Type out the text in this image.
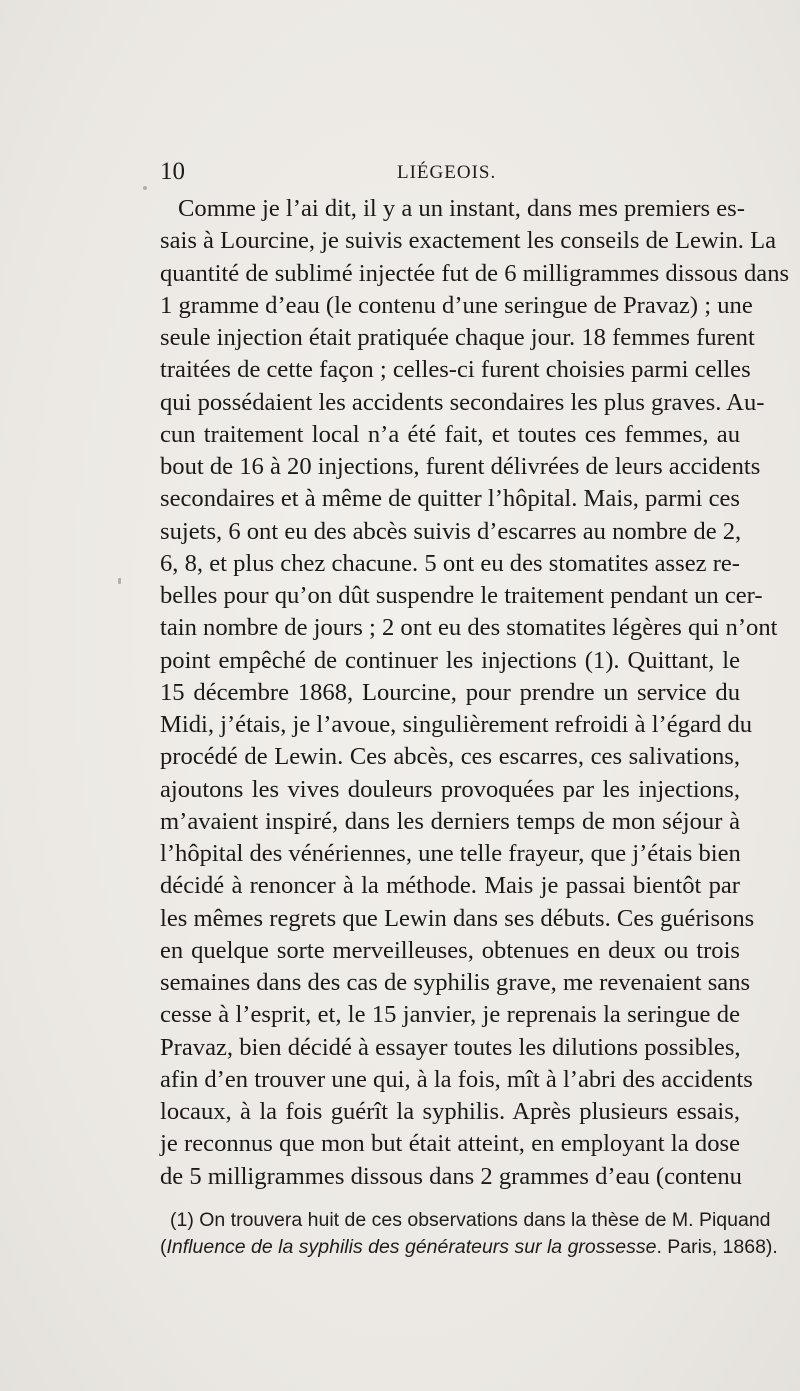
10	LIÉGEOIS.
Comme je l’ai dit, il y a un instant, dans mes premiers es-
sais à Lourcine, je suivis exactement les conseils de Lewin. La
quantité de sublimé injectée fut de 6 milligrammes dissous dans
1 gramme d’eau (le contenu d’une seringue de Pravaz) ; une
seule injection était pratiquée chaque jour. 18 femmes furent
traitées de cette façon ; celles-ci furent choisies parmi celles
qui possédaient les accidents secondaires les plus graves. Au-
cun traitement local n’a été fait, et toutes ces femmes, au
bout de 16 à 20 injections, furent délivrées de leurs accidents
secondaires et à même de quitter l’hôpital. Mais, parmi ces
sujets, 6 ont eu des abcès suivis d’escarres au nombre de 2,
6, 8, et plus chez chacune. 5 ont eu des stomatites assez re-
belles pour qu’on dût suspendre le traitement pendant un cer-
tain nombre de jours ; 2 ont eu des stomatites légères qui n’ont
point empêché de continuer les injections (1). Quittant, le
15 décembre 1868, Lourcine, pour prendre un service du
Midi, j’étais, je l’avoue, singulièrement refroidi à l’égard du
procédé de Lewin. Ces abcès, ces escarres, ces salivations,
ajoutons les vives douleurs provoquées par les injections,
m’avaient inspiré, dans les derniers temps de mon séjour à
l’hôpital des vénériennes, une telle frayeur, que j’étais bien
décidé à renoncer à la méthode. Mais je passai bientôt par
les mêmes regrets que Lewin dans ses débuts. Ces guérisons
en quelque sorte merveilleuses, obtenues en deux ou trois
semaines dans des cas de syphilis grave, me revenaient sans
cesse à l’esprit, et, le 15 janvier, je reprenais la seringue de
Pravaz, bien décidé à essayer toutes les dilutions possibles,
afin d’en trouver une qui, à la fois, mît à l’abri des accidents
locaux, à la fois guérît la syphilis. Après plusieurs essais,
je reconnus que mon but était atteint, en employant la dose
de 5 milligrammes dissous dans 2 grammes d’eau (contenu
(1) On trouvera huit de ces observations dans la thèse de M. Piquand
(Influence de la syphilis des générateurs sur la grossesse. Paris, 1868).
